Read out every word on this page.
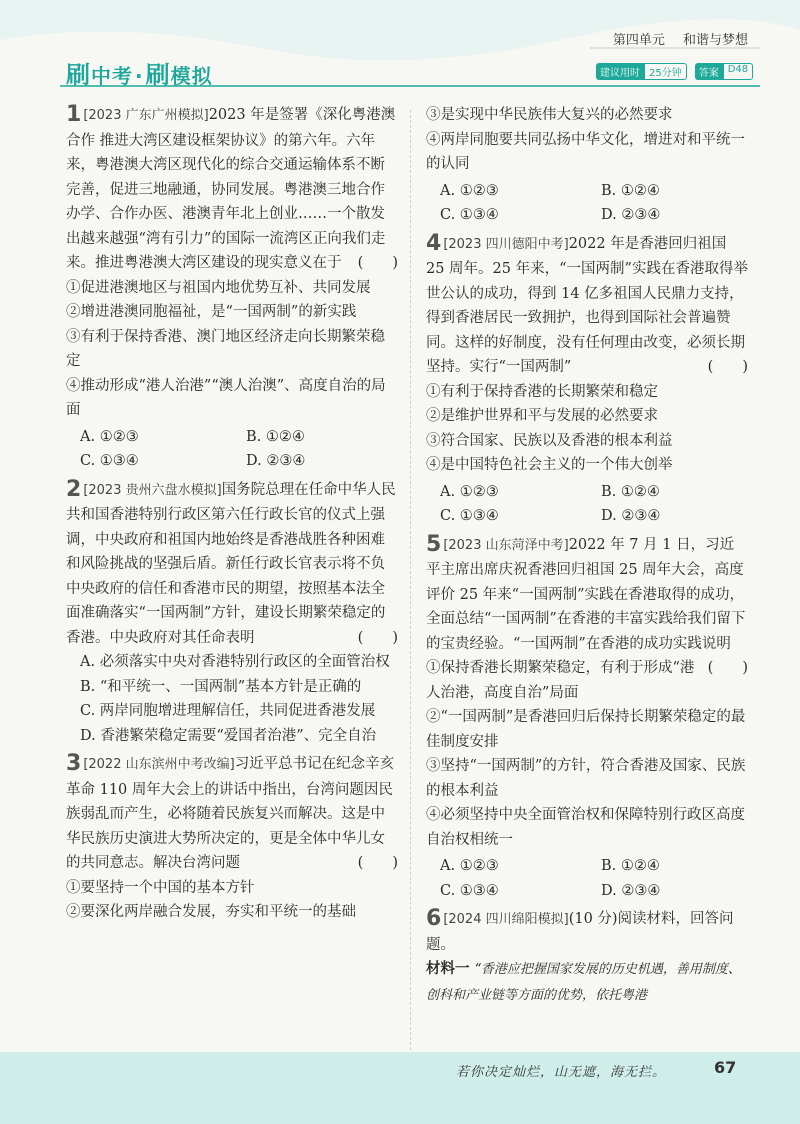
第四单元 和谐与梦想
刷中考 ·刷模拟	建议用时 25分钟	答案 D48
1 [2023 广东广州模拟]2023 年是签署《深化粤港澳合作 推进大湾区建设框架协议》的第六年。六年来，粤港澳大湾区现代化的综合交通运输体系不断完善，促进三地融通，协同发展。粤港澳三地合作办学、合作办医、港澳青年北上创业……一个散发出越来越强“湾有引力”的国际一流湾区正向我们走来。推进粤港澳大湾区建设的现实意义在于 (　　)
①促进港澳地区与祖国内地优势互补、共同发展
②增进港澳同胞福祉，是“一国两制”的新实践
③有利于保持香港、澳门地区经济走向长期繁荣稳定
④推动形成“港人治港”“澳人治澳”、高度自治的局面
A. ①②③	B. ①②④
C. ①③④	D. ②③④
2 [2023 贵州六盘水模拟]国务院总理在任命中华人民共和国香港特别行政区第六任行政长官的仪式上强调，中央政府和祖国内地始终是香港战胜各种困难和风险挑战的坚强后盾。新任行政长官表示将不负中央政府的信任和香港市民的期望，按照基本法全面准确落实“一国两制”方针，建设长期繁荣稳定的香港。中央政府对其任命表明	(　　)
A. 必须落实中央对香港特别行政区的全面管治权
B. “和平统一、一国两制”基本方针是正确的
C. 两岸同胞增进理解信任，共同促进香港发展
D. 香港繁荣稳定需要“爱国者治港”、完全自治
3 [2022 山东滨州中考改编]习近平总书记在纪念辛亥革命 110 周年大会上的讲话中指出，台湾问题因民族弱乱而产生，必将随着民族复兴而解决。这是中华民族历史演进大势所决定的，更是全体中华儿女的共同意志。解决台湾问题	(　　)
①要坚持一个中国的基本方针
②要深化两岸融合发展，夯实和平统一的基础
③是实现中华民族伟大复兴的必然要求
④两岸同胞要共同弘扬中华文化，增进对和平统一的认同
A. ①②③	B. ①②④
C. ①③④	D. ②③④
4 [2023 四川德阳中考]2022 年是香港回归祖国 25 周年。25 年来，“一国两制”实践在香港取得举世公认的成功，得到 14 亿多祖国人民鼎力支持，得到香港居民一致拥护，也得到国际社会普遍赞同。这样的好制度，没有任何理由改变，必须长期坚持。实行“一国两制”	(　　)
①有利于保持香港的长期繁荣和稳定
②是维护世界和平与发展的必然要求
③符合国家、民族以及香港的根本利益
④是中国特色社会主义的一个伟大创举
A. ①②③	B. ①②④
C. ①③④	D. ②③④
5 [2023 山东菏泽中考]2022 年 7 月 1 日，习近平主席出席庆祝香港回归祖国 25 周年大会，高度评价 25 年来“一国两制”实践在香港取得的成功，全面总结“一国两制”在香港的丰富实践给我们留下的宝贵经验。“一国两制”在香港的成功实践说明
(　　)
①保持香港长期繁荣稳定，有利于形成“港人治港，高度自治”局面
②“一国两制”是香港回归后保持长期繁荣稳定的最佳制度安排
③坚持“一国两制”的方针，符合香港及国家、民族的根本利益
④必须坚持中央全面管治权和保障特别行政区高度自治权相统一
A. ①②③	B. ①②④
C. ①③④	D. ②③④
6 [2024 四川绵阳模拟](10 分)阅读材料，回答问题。
材料一 “香港应把握国家发展的历史机遇，善用制度、创科和产业链等方面的优势，依托粤港
若你决定灿烂，山无遮，海无拦。	67
